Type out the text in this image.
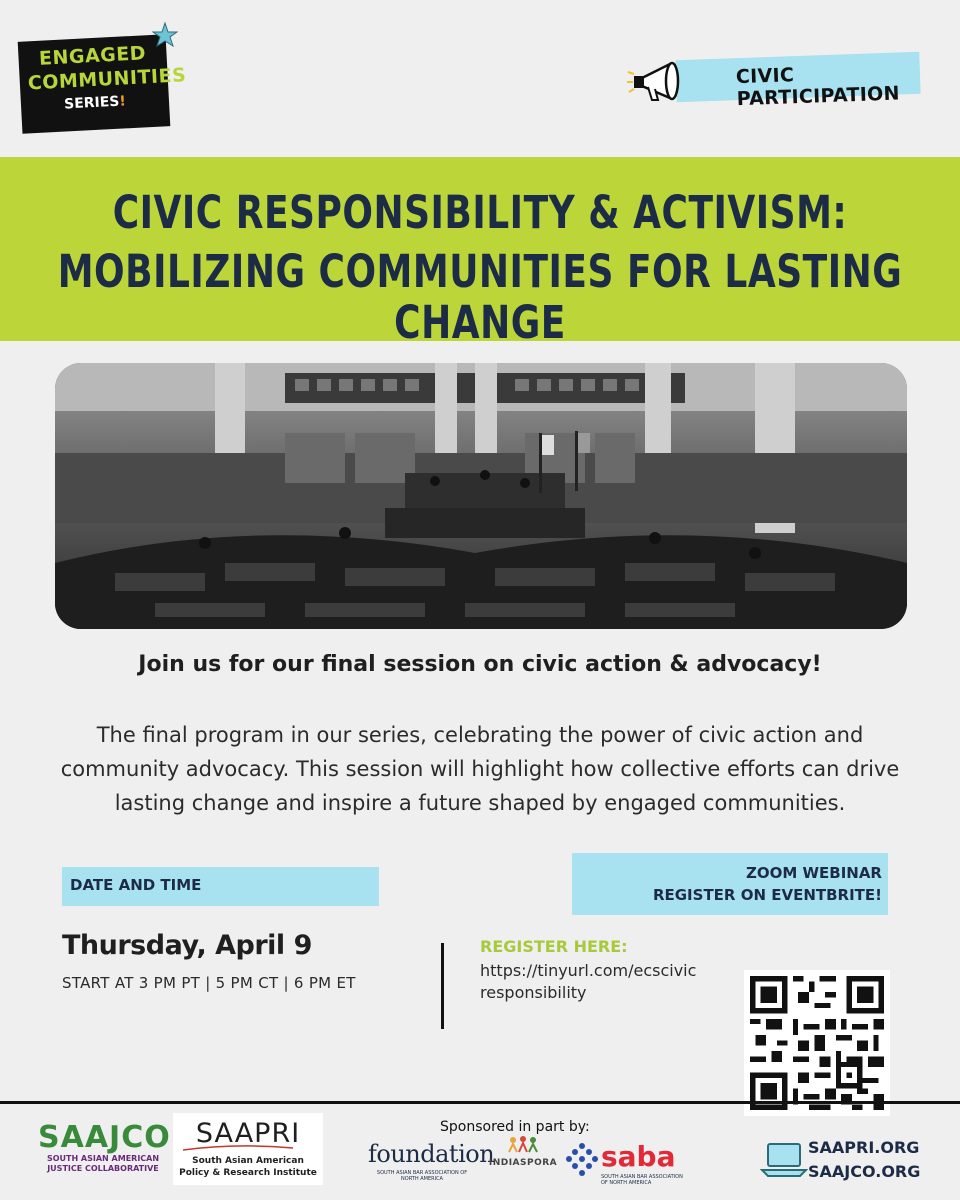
ENGAGED
COMMUNITIES
SERIES!
CIVIC PARTICIPATION
CIVIC RESPONSIBILITY & ACTIVISM:
MOBILIZING COMMUNITIES FOR LASTING CHANGE
Join us for our final session on civic action & advocacy!
The final program in our series, celebrating the power of civic action and community advocacy. This session will highlight how collective efforts can drive lasting change and inspire a future shaped by engaged communities.
DATE AND TIME
ZOOM WEBINAR
REGISTER ON EVENTBRITE!
Thursday, April 9
START AT 3 PM PT | 5 PM CT | 6 PM ET
REGISTER HERE:
https://tinyurl.com/ecscivic
responsibility
SAAJCO
SOUTH ASIAN AMERICAN
JUSTICE COLLABORATIVE
SAAPRI
South Asian American
Policy & Research Institute
Sponsored in part by:
foundation
SOUTH ASIAN BAR ASSOCIATION OF NORTH AMERICA
INDIASPORA	saba
SOUTH ASIAN BAR ASSOCIATION OF NORTH AMERICA
SAAPRI.ORG
SAAJCO.ORG
